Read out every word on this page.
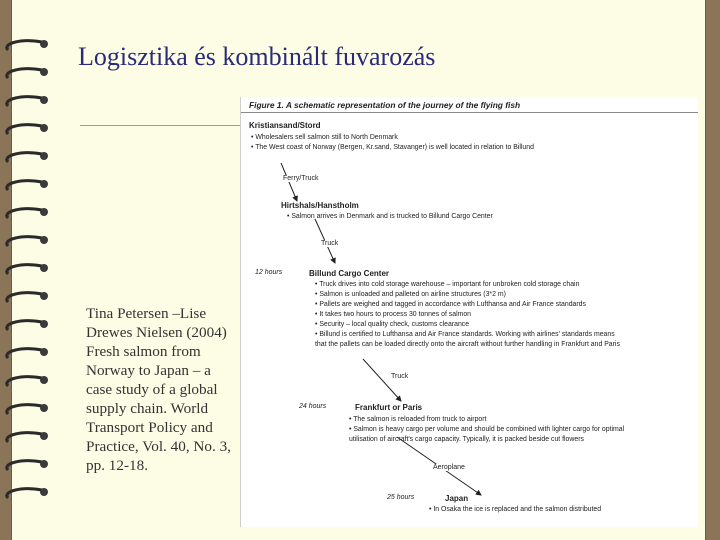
Logisztika és kombinált fuvarozás
Tina Petersen –Lise Drewes Nielsen (2004) Fresh salmon from Norway to Japan – a case study of a global supply chain. World Transport Policy and Practice, Vol. 40, No. 3, pp. 12-18.
Figure 1. A schematic representation of the journey of the flying fish
Kristiansand/Stord
• Wholesalers sell salmon still to North Denmark
• The West coast of Norway (Bergen, Kr.sand, Stavanger) is well located in relation to Billund
Ferry/Truck
Hirtshals/Hanstholm
• Salmon arrives in Denmark and is trucked to Billund Cargo Center
Truck
12 hours	Billund Cargo Center
• Truck drives into cold storage warehouse – important for unbroken cold storage chain
• Salmon is unloaded and palleted on airline structures (3*2 m)
• Pallets are weighed and tagged in accordance with Lufthansa and Air France standards
• It takes two hours to process 30 tonnes of salmon
• Security – local quality check, customs clearance
• Billund is certified to Lufthansa and Air France standards. Working with airlines' standards means
that the pallets can be loaded directly onto the aircraft without further handling in Frankfurt and Paris
Truck
24 hours	Frankfurt or Paris
• The salmon is reloaded from truck to airport
• Salmon is heavy cargo per volume and should be combined with lighter cargo for optimal
utilisation of aircraft's cargo capacity. Typically, it is packed beside cut flowers
Aeroplane
25 hours	Japan
• In Osaka the ice is replaced and the salmon distributed
